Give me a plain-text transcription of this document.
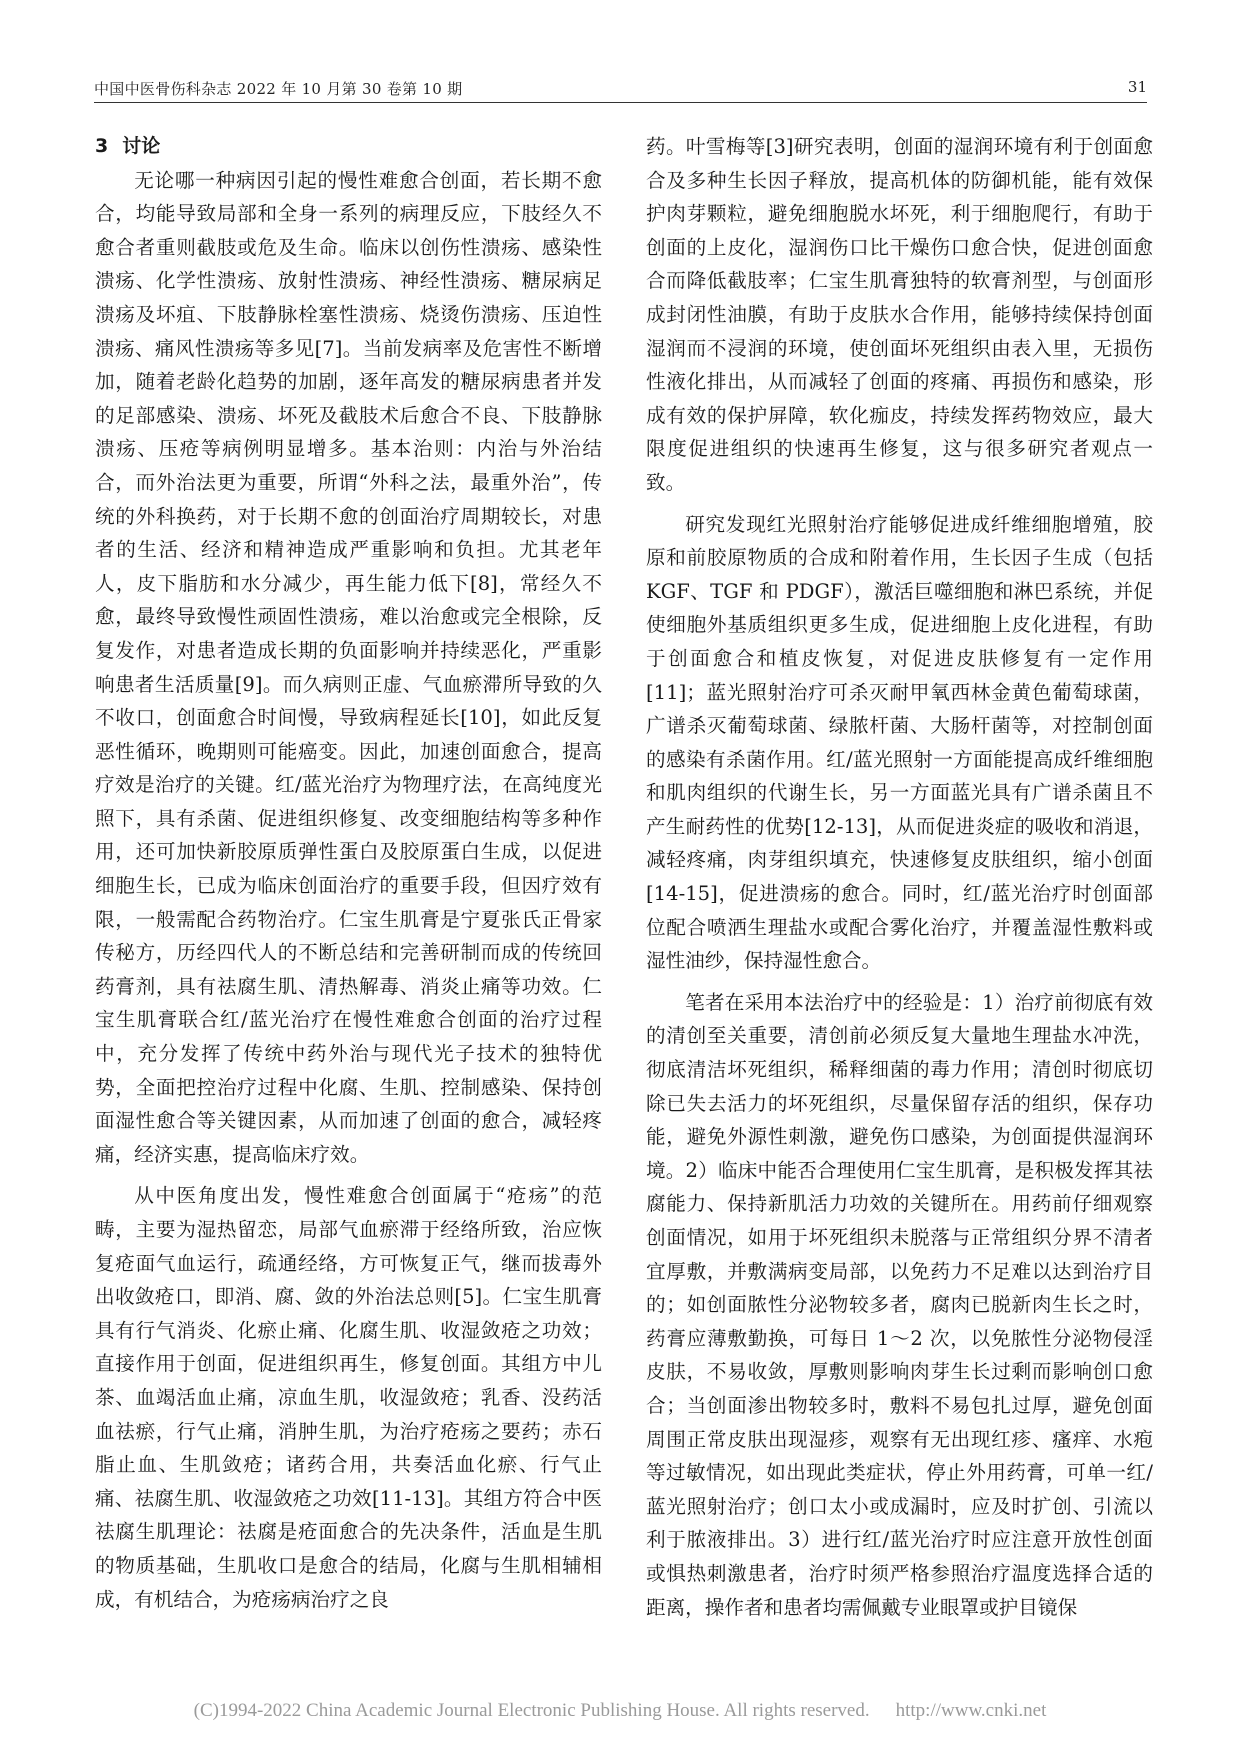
中国中医骨伤科杂志 2022 年 10 月第 30 卷第 10 期	31
3 讨论

无论哪一种病因引起的慢性难愈合创面，若长期不愈合，均能导致局部和全身一系列的病理反应，下肢经久不愈合者重则截肢或危及生命。临床以创伤性溃疡、感染性溃疡、化学性溃疡、放射性溃疡、神经性溃疡、糖尿病足溃疡及坏疽、下肢静脉栓塞性溃疡、烧烫伤溃疡、压迫性溃疡、痛风性溃疡等多见[7]。当前发病率及危害性不断增加，随着老龄化趋势的加剧，逐年高发的糖尿病患者并发的足部感染、溃疡、坏死及截肢术后愈合不良、下肢静脉溃疡、压疮等病例明显增多。基本治则：内治与外治结合，而外治法更为重要，所谓“外科之法，最重外治”，传统的外科换药，对于长期不愈的创面治疗周期较长，对患者的生活、经济和精神造成严重影响和负担。尤其老年人，皮下脂肪和水分减少，再生能力低下[8]，常经久不愈，最终导致慢性顽固性溃疡，难以治愈或完全根除，反复发作，对患者造成长期的负面影响并持续恶化，严重影响患者生活质量[9]。而久病则正虚、气血瘀滞所导致的久不收口，创面愈合时间慢，导致病程延长[10]，如此反复恶性循环，晚期则可能癌变。因此，加速创面愈合，提高疗效是治疗的关键。红/蓝光治疗为物理疗法，在高纯度光照下，具有杀菌、促进组织修复、改变细胞结构等多种作用，还可加快新胶原质弹性蛋白及胶原蛋白生成，以促进细胞生长，已成为临床创面治疗的重要手段，但因疗效有限，一般需配合药物治疗。仁宝生肌膏是宁夏张氏正骨家传秘方，历经四代人的不断总结和完善研制而成的传统回药膏剂，具有祛腐生肌、清热解毒、消炎止痛等功效。仁宝生肌膏联合红/蓝光治疗在慢性难愈合创面的治疗过程中，充分发挥了传统中药外治与现代光子技术的独特优势，全面把控治疗过程中化腐、生肌、控制感染、保持创面湿性愈合等关键因素，从而加速了创面的愈合，减轻疼痛，经济实惠，提高临床疗效。

从中医角度出发，慢性难愈合创面属于“疮疡”的范畴，主要为湿热留恋，局部气血瘀滞于经络所致，治应恢复疮面气血运行，疏通经络，方可恢复正气，继而拔毒外出收敛疮口，即消、腐、敛的外治法总则[5]。仁宝生肌膏具有行气消炎、化瘀止痛、化腐生肌、收湿敛疮之功效；直接作用于创面，促进组织再生，修复创面。其组方中儿茶、血竭活血止痛，凉血生肌，收湿敛疮；乳香、没药活血祛瘀，行气止痛，消肿生肌，为治疗疮疡之要药；赤石脂止血、生肌敛疮；诸药合用，共奏活血化瘀、行气止痛、祛腐生肌、收湿敛疮之功效[11-13]。其组方符合中医祛腐生肌理论：祛腐是疮面愈合的先决条件，活血是生肌的物质基础，生肌收口是愈合的结局，化腐与生肌相辅相成，有机结合，为疮疡病治疗之良

药。叶雪梅等[3]研究表明，创面的湿润环境有利于创面愈合及多种生长因子释放，提高机体的防御机能，能有效保护肉芽颗粒，避免细胞脱水坏死，利于细胞爬行，有助于创面的上皮化，湿润伤口比干燥伤口愈合快，促进创面愈合而降低截肢率；仁宝生肌膏独特的软膏剂型，与创面形成封闭性油膜，有助于皮肤水合作用，能够持续保持创面湿润而不浸润的环境，使创面坏死组织由表入里，无损伤性液化排出，从而减轻了创面的疼痛、再损伤和感染，形成有效的保护屏障，软化痂皮，持续发挥药物效应，最大限度促进组织的快速再生修复，这与很多研究者观点一致。

研究发现红光照射治疗能够促进成纤维细胞增殖，胶原和前胶原物质的合成和附着作用，生长因子生成（包括 KGF、TGF 和 PDGF），激活巨噬细胞和淋巴系统，并促使细胞外基质组织更多生成，促进细胞上皮化进程，有助于创面愈合和植皮恢复，对促进皮肤修复有一定作用[11]；蓝光照射治疗可杀灭耐甲氧西林金黄色葡萄球菌，广谱杀灭葡萄球菌、绿脓杆菌、大肠杆菌等，对控制创面的感染有杀菌作用。红/蓝光照射一方面能提高成纤维细胞和肌肉组织的代谢生长，另一方面蓝光具有广谱杀菌且不产生耐药性的优势[12-13]，从而促进炎症的吸收和消退，减轻疼痛，肉芽组织填充，快速修复皮肤组织，缩小创面[14-15]，促进溃疡的愈合。同时，红/蓝光治疗时创面部位配合喷洒生理盐水或配合雾化治疗，并覆盖湿性敷料或湿性油纱，保持湿性愈合。

笔者在采用本法治疗中的经验是：1）治疗前彻底有效的清创至关重要，清创前必须反复大量地生理盐水冲洗，彻底清洁坏死组织，稀释细菌的毒力作用；清创时彻底切除已失去活力的坏死组织，尽量保留存活的组织，保存功能，避免外源性刺激，避免伤口感染，为创面提供湿润环境。2）临床中能否合理使用仁宝生肌膏，是积极发挥其祛腐能力、保持新肌活力功效的关键所在。用药前仔细观察创面情况，如用于坏死组织未脱落与正常组织分界不清者宜厚敷，并敷满病变局部，以免药力不足难以达到治疗目的；如创面脓性分泌物较多者，腐肉已脱新肉生长之时，药膏应薄敷勤换，可每日 1～2 次，以免脓性分泌物侵淫皮肤，不易收敛，厚敷则影响肉芽生长过剩而影响创口愈合；当创面渗出物较多时，敷料不易包扎过厚，避免创面周围正常皮肤出现湿疹，观察有无出现红疹、瘙痒、水疱等过敏情况，如出现此类症状，停止外用药膏，可单一红/蓝光照射治疗；创口太小或成漏时，应及时扩创、引流以利于脓液排出。3）进行红/蓝光治疗时应注意开放性创面或惧热刺激患者，治疗时须严格参照治疗温度选择合适的距离，操作者和患者均需佩戴专业眼罩或护目镜保

(C)1994-2022 China Academic Journal Electronic Publishing House. All rights reserved. http://www.cnki.net
